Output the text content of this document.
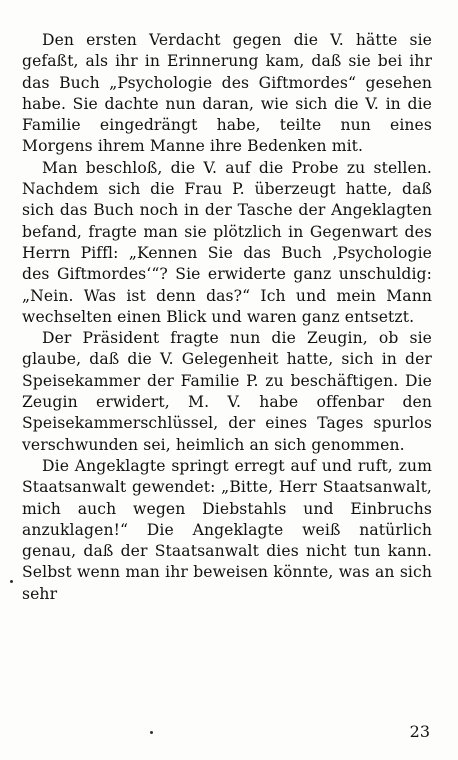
Den ersten Verdacht gegen die V. hätte sie gefaßt, als ihr in Erinnerung kam, daß sie bei ihr das Buch „Psychologie des Giftmordes“ gesehen habe. Sie dachte nun daran, wie sich die V. in die Familie eingedrängt habe, teilte nun eines Morgens ihrem Manne ihre Bedenken mit.

Man beschloß, die V. auf die Probe zu stellen. Nachdem sich die Frau P. überzeugt hatte, daß sich das Buch noch in der Tasche der Angeklagten befand, fragte man sie plötzlich in Gegenwart des Herrn Piffl: „Kennen Sie das Buch ‚Psychologie des Giftmordes‘“? Sie erwiderte ganz unschuldig: „Nein. Was ist denn das?“ Ich und mein Mann wechselten einen Blick und waren ganz entsetzt.

Der Präsident fragte nun die Zeugin, ob sie glaube, daß die V. Gelegenheit hatte, sich in der Speisekammer der Familie P. zu beschäftigen. Die Zeugin erwidert, M. V. habe offenbar den Speisekammerschlüssel, der eines Tages spurlos verschwunden sei, heimlich an sich genommen.

Die Angeklagte springt erregt auf und ruft, zum Staatsanwalt gewendet: „Bitte, Herr Staatsanwalt, mich auch wegen Diebstahls und Einbruchs anzuklagen!“ Die Angeklagte weiß natürlich genau, daß der Staatsanwalt dies nicht tun kann. Selbst wenn man ihr beweisen könnte, was an sich sehr

23
